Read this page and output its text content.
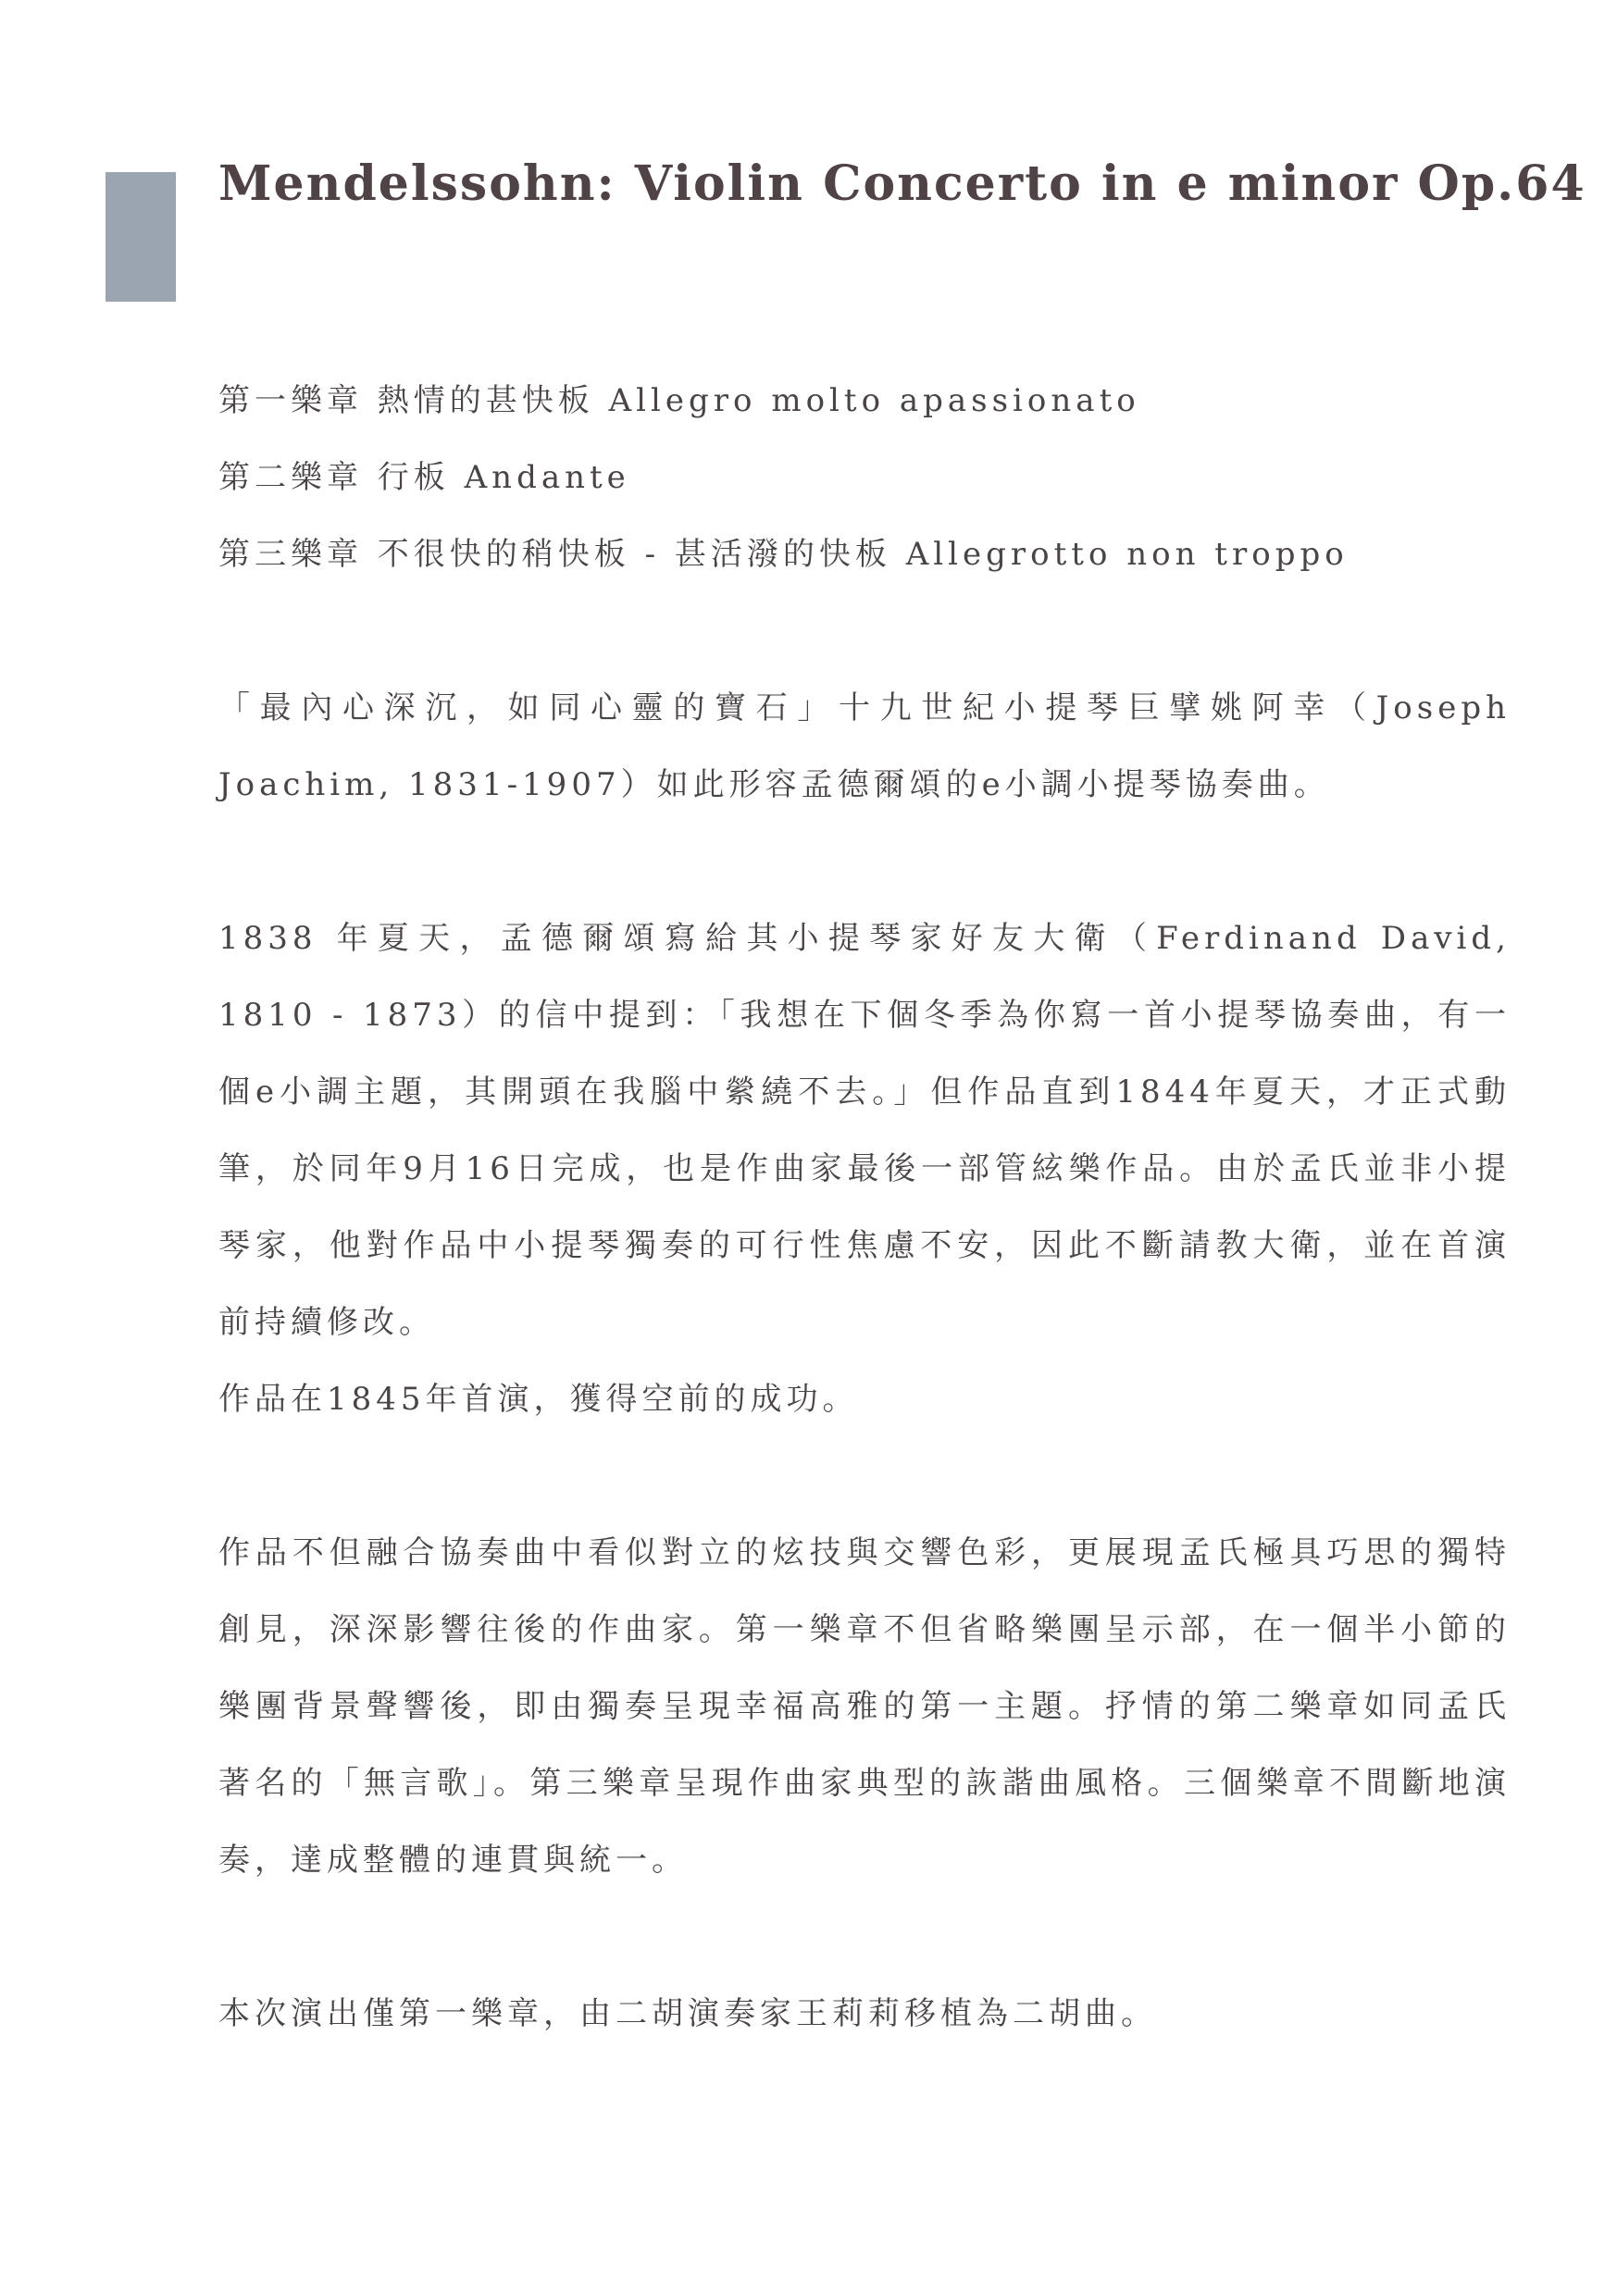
Mendelssohn: Violin Concerto in e minor Op.64
第一樂章 熱情的甚快板 Allegro molto apassionato
第二樂章 行板 Andante
第三樂章 不很快的稍快板 - 甚活潑的快板 Allegrotto non troppo

「最內心深沉，如同心靈的寶石」十九世紀小提琴巨擘姚阿幸（Joseph Joachim, 1831-1907）如此形容孟德爾頌的e小調小提琴協奏曲。

1838 年夏天，孟德爾頌寫給其小提琴家好友大衛（Ferdinand David, 1810 - 1873）的信中提到：「我想在下個冬季為你寫一首小提琴協奏曲，有一個e小調主題，其開頭在我腦中縈繞不去。」但作品直到1844年夏天，才正式動筆，於同年9月16日完成，也是作曲家最後一部管絃樂作品。由於孟氏並非小提琴家，他對作品中小提琴獨奏的可行性焦慮不安，因此不斷請教大衛，並在首演前持續修改。

作品在1845年首演，獲得空前的成功。

作品不但融合協奏曲中看似對立的炫技與交響色彩，更展現孟氏極具巧思的獨特創見，深深影響往後的作曲家。第一樂章不但省略樂團呈示部，在一個半小節的樂團背景聲響後，即由獨奏呈現幸福高雅的第一主題。抒情的第二樂章如同孟氏著名的「無言歌」。第三樂章呈現作曲家典型的詼諧曲風格。三個樂章不間斷地演奏，達成整體的連貫與統一。

本次演出僅第一樂章，由二胡演奏家王莉莉移植為二胡曲。
